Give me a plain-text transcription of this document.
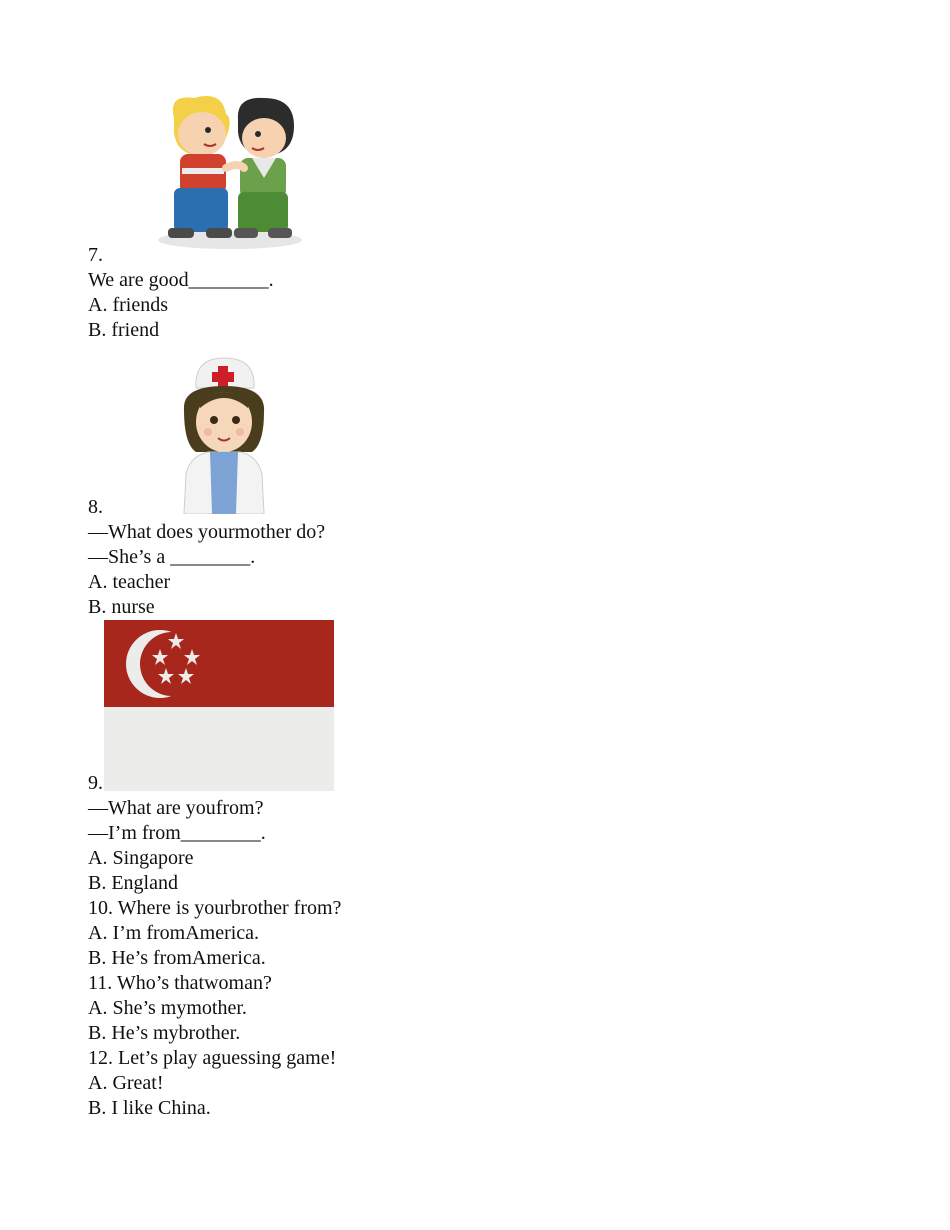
7.
We are good________.
A. friends
B. friend
8.
—What does yourmother do?
—She’s a ________.
A. teacher
B. nurse
9.
—What are youfrom?
—I’m from________.
A. Singapore
B. England
10. Where is yourbrother from?
A. I’m fromAmerica.
B. He’s fromAmerica.
11. Who’s thatwoman?
A. She’s mymother.
B. He’s mybrother.
12. Let’s play aguessing game!
A. Great!
B. I like China.
